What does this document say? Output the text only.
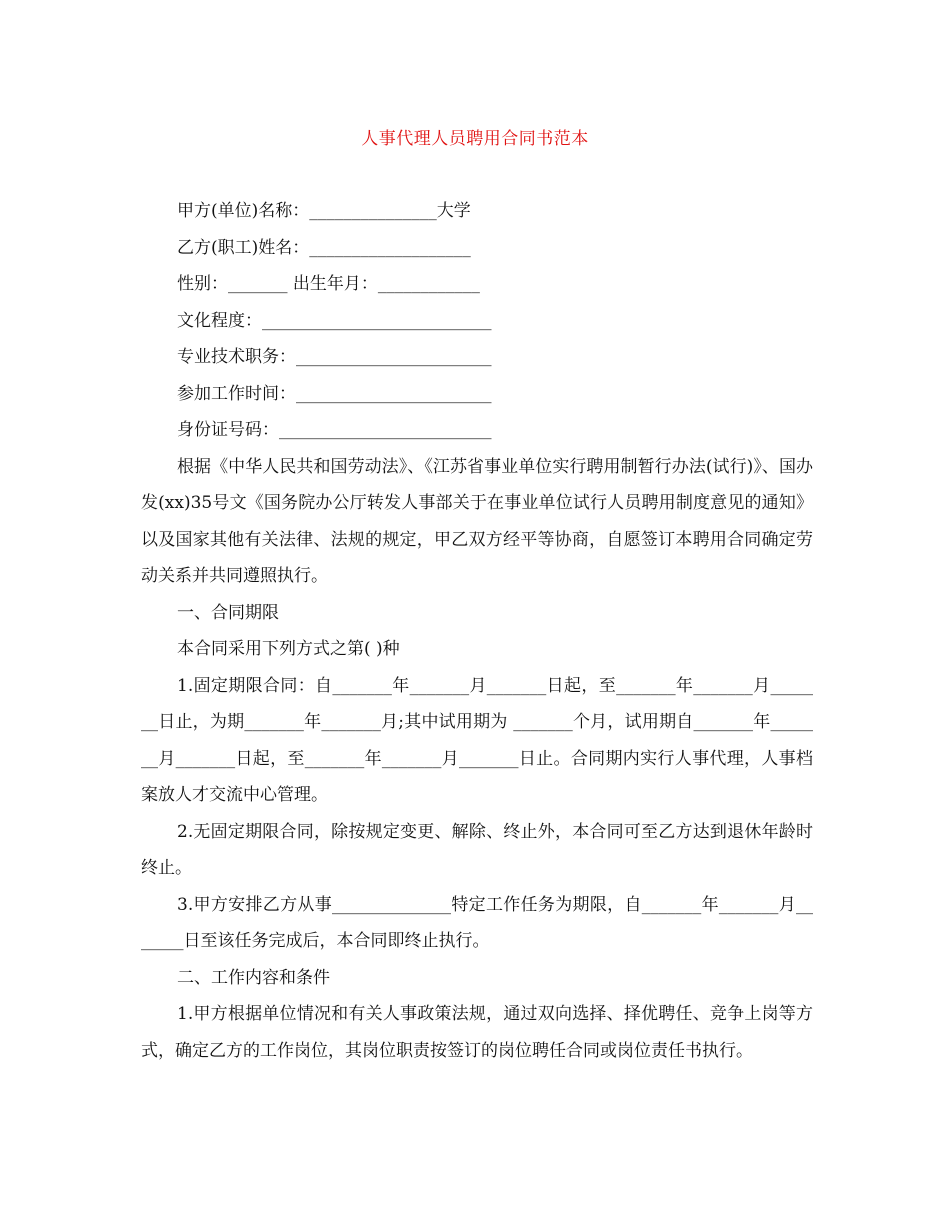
人事代理人员聘用合同书范本
甲方(单位)名称：_______________大学
乙方(职工)姓名：___________________
性别：_______ 出生年月：____________
文化程度：___________________________
专业技术职务：_______________________
参加工作时间：_______________________
身份证号码：_________________________
根据《中华人民共和国劳动法》、《江苏省事业单位实行聘用制暂行办法(试行)》、国办发(xx)35号文《国务院办公厅转发人事部关于在事业单位试行人员聘用制度意见的通知》以及国家其他有关法律、法规的规定，甲乙双方经平等协商，自愿签订本聘用合同确定劳动关系并共同遵照执行。
一、合同期限
本合同采用下列方式之第( )种
1.固定期限合同：自_______年_______月_______日起，至_______年_______月_______日止，为期_______年_______月;其中试用期为 _______个月，试用期自_______年_______月_______日起，至_______年_______月_______日止。合同期内实行人事代理，人事档案放人才交流中心管理。
2.无固定期限合同，除按规定变更、解除、终止外，本合同可至乙方达到退休年龄时终止。
3.甲方安排乙方从事______________特定工作任务为期限，自_______年_______月_______日至该任务完成后，本合同即终止执行。
二、工作内容和条件
1.甲方根据单位情况和有关人事政策法规，通过双向选择、择优聘任、竞争上岗等方式，确定乙方的工作岗位，其岗位职责按签订的岗位聘任合同或岗位责任书执行。
